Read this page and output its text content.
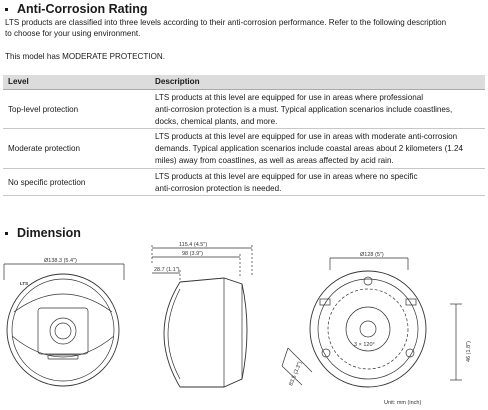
Anti-Corrosion Rating
LTS products are classified into three levels according to their anti-corrosion performance. Refer to the following description
to choose for your using environment.
This model has MODERATE PROTECTION.
Level	Description
Top-level protection	LTS products at this level are equipped for use in areas where professional
anti-corrosion protection is a must. Typical application scenarios include coastlines,
docks, chemical plants, and more.

Moderate protection	LTS products at this level are equipped for use in areas with moderate anti-corrosion
demands. Typical application scenarios include coastal areas about 2 kilometers (1.24
miles) away from coastlines, as well as areas affected by acid rain.

No specific protection	LTS products at this level are equipped for use in areas where no specific
anti-corrosion protection is needed.
Dimension
Ø138.3 (5.4")
LTS
115.4 (4.5")
98 (3.9")
28.7 (1.1")
Ø128 (5")
3 × 120°
83.5 (3.3")
46 (1.8")
Unit: mm (inch)
